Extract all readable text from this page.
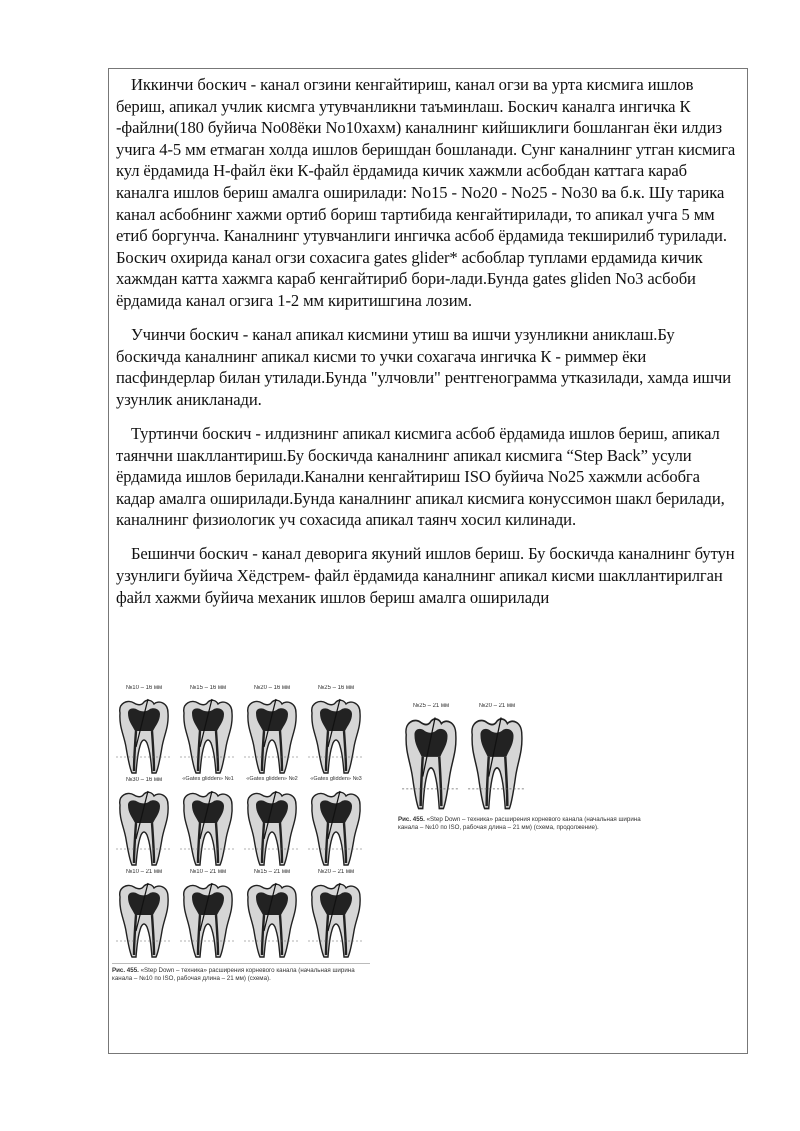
Иккинчи боскич - канал огзини кенгайтириш, канал огзи ва урта кисмига ишлов бериш, апикал учлик кисмга утувчанликни таъминлаш. Боскич каналга ингичка К -файлни(180 буйича No08ёки No10хахм) каналнинг кийшиклиги бошланган ёки илдиз учига 4-5 мм етмаган холда ишлов беришдан бошланади. Сунг каналнинг утган кисмига кул ёрдамида Н-файл ёки К-файл ёрдамида кичик хажмли асбобдан каттага караб каналга ишлов бериш амалга оширилади: No15 - No20 - No25 - No30 ва б.к. Шу тарика канал асбобнинг хажми ортиб бориш тартибида кенгайтирилади, то апикал учга 5 мм етиб боргунча. Каналнинг утувчанлиги ингичка асбоб ёрдамида текширилиб турилади. Боскич охирида канал огзи сохасига gates glider* асбоблар туплами ердамида кичик хажмдан катта хажмга караб кенгайтириб бори-лади.Бунда gates gliden No3 асбоби ёрдамида канал огзига 1-2 мм киритишгина лозим.

Учинчи боскич - канал апикал кисмини утиш ва ишчи узунликни аниклаш.Бу боскичда каналнинг апикал кисми то учки сохагача ингичка К - риммер ёки пасфиндерлар билан утилади.Бунда "улчовли" рентгенограмма утказилади, хамда ишчи узунлик аникланади.

Туртинчи боскич - илдизнинг апикал кисмига асбоб ёрдамида ишлов бериш, апикал таянчни шакллантириш.Бу боскичда каналнинг апикал кисмига “Step Back” усули ёрдамида ишлов берилади.Канални кенгайтириш ISO буйича No25 хажмли асбобга кадар амалга оширилади.Бунда каналнинг апикал кисмига конуссимон шакл берилади, каналнинг физиологик уч сохасида апикал таянч хосил килинади.

Бешинчи боскич - канал деворига якуний ишлов бериш. Бу боскичда каналнинг бутун узунлиги буйича Хёдстрем- файл ёрдамида каналнинг апикал кисми шакллантирилган файл хажми буйича механик ишлов бериш амалга оширилади

№10 – 16 мм	№15 – 16 мм	№20 – 16 мм	№25 – 16 мм
№30 – 16 мм	«Gates glidden» №1	«Gates glidden» №2	«Gates glidden» №3
№10 – 21 мм	№10 – 21 мм	№15 – 21 мм	№20 – 21 мм
Рис. 455. «Step Down – техника» расширения корневого канала (начальная ширина канала – №10 по ISO, рабочая длина – 21 мм) (схема).
№25 – 21 мм	№20 – 21 мм
Рис. 455. «Step Down – техника» расширения корневого канала (начальная ширина канала – №10 по ISO, рабочая длина – 21 мм) (схема, продолжение).
